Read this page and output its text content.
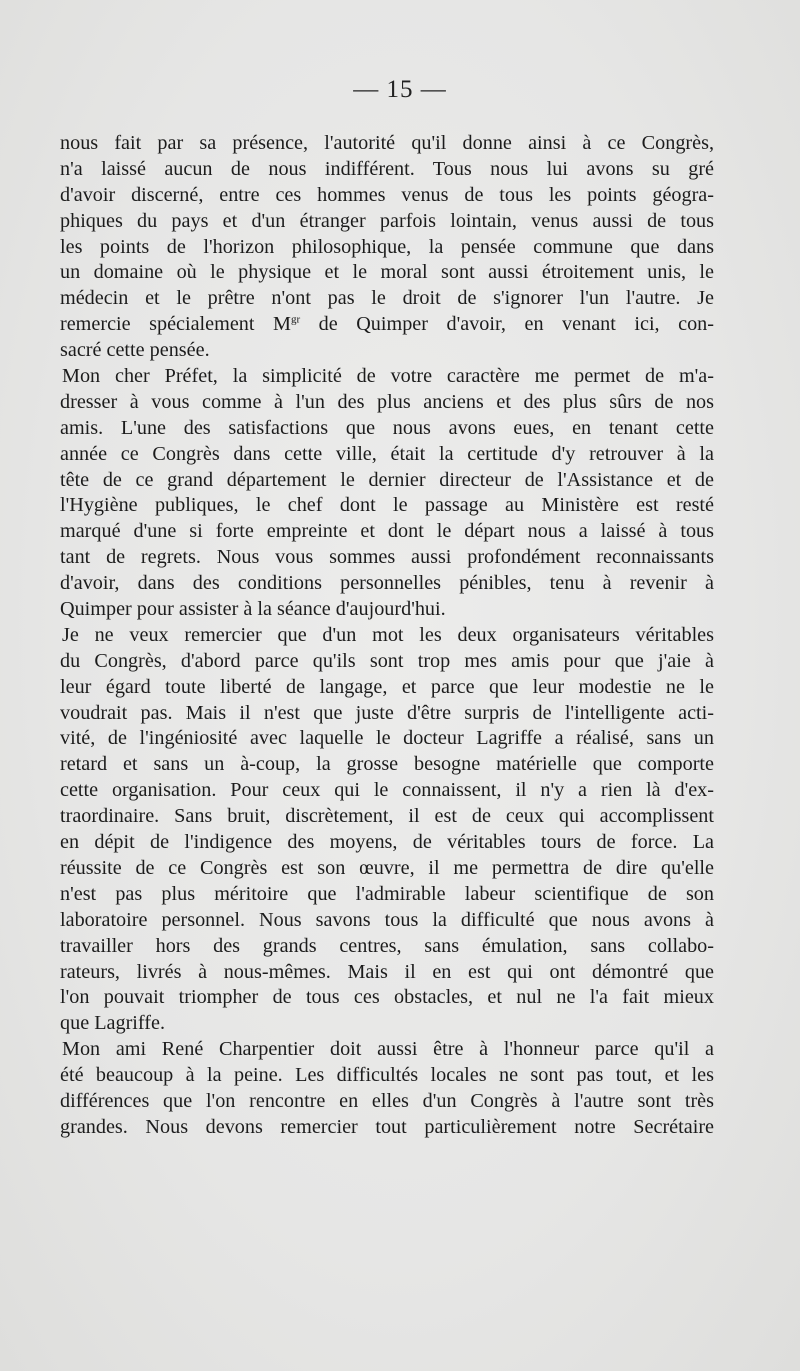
— 15 —
nous fait par sa présence, l'autorité qu'il donne ainsi à ce Congrès,
n'a laissé aucun de nous indifférent. Tous nous lui avons su gré
d'avoir discerné, entre ces hommes venus de tous les points géogra-
phiques du pays et d'un étranger parfois lointain, venus aussi de tous
les points de l'horizon philosophique, la pensée commune que dans
un domaine où le physique et le moral sont aussi étroitement unis, le
médecin et le prêtre n'ont pas le droit de s'ignorer l'un l'autre. Je
remercie spécialement $M^{gr}$ de Quimper d'avoir, en venant ici, con-
sacré cette pensée.
Mon cher Préfet, la simplicité de votre caractère me permet de m'a-
dresser à vous comme à l'un des plus anciens et des plus sûrs de nos
amis. L'une des satisfactions que nous avons eues, en tenant cette
année ce Congrès dans cette ville, était la certitude d'y retrouver à la
tête de ce grand département le dernier directeur de l'Assistance et de
l'Hygiène publiques, le chef dont le passage au Ministère est resté
marqué d'une si forte empreinte et dont le départ nous a laissé à tous
tant de regrets. Nous vous sommes aussi profondément reconnaissants
d'avoir, dans des conditions personnelles pénibles, tenu à revenir à
Quimper pour assister à la séance d'aujourd'hui.
Je ne veux remercier que d'un mot les deux organisateurs véritables
du Congrès, d'abord parce qu'ils sont trop mes amis pour que j'aie à
leur égard toute liberté de langage, et parce que leur modestie ne le
voudrait pas. Mais il n'est que juste d'être surpris de l'intelligente acti-
vité, de l'ingéniosité avec laquelle le docteur Lagriffe a réalisé, sans un
retard et sans un à-coup, la grosse besogne matérielle que comporte
cette organisation. Pour ceux qui le connaissent, il n'y a rien là d'ex-
traordinaire. Sans bruit, discrètement, il est de ceux qui accomplissent
en dépit de l'indigence des moyens, de véritables tours de force. La
réussite de ce Congrès est son œuvre, il me permettra de dire qu'elle
n'est pas plus méritoire que l'admirable labeur scientifique de son
laboratoire personnel. Nous savons tous la difficulté que nous avons à
travailler hors des grands centres, sans émulation, sans collabo-
rateurs, livrés à nous-mêmes. Mais il en est qui ont démontré que
l'on pouvait triompher de tous ces obstacles, et nul ne l'a fait mieux
que Lagriffe.
Mon ami René Charpentier doit aussi être à l'honneur parce qu'il a
été beaucoup à la peine. Les difficultés locales ne sont pas tout, et les
différences que l'on rencontre en elles d'un Congrès à l'autre sont très
grandes. Nous devons remercier tout particulièrement notre Secrétaire
